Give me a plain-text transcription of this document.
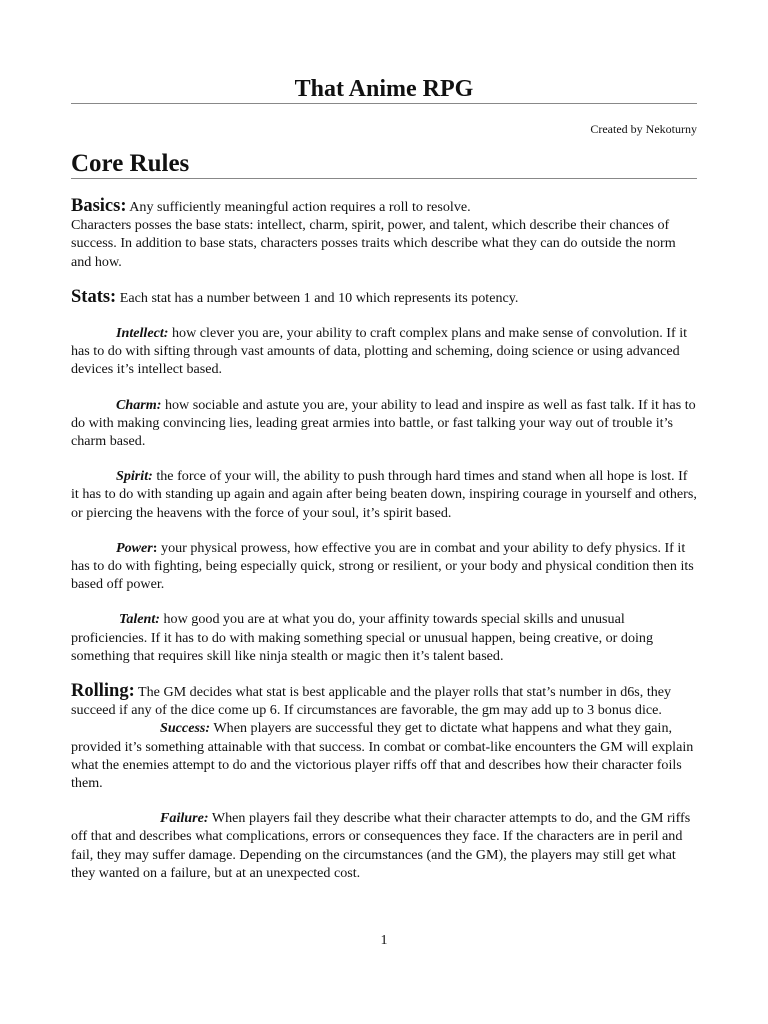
That Anime RPG
Created by Nekoturny
Core Rules

Basics: Any sufficiently meaningful action requires a roll to resolve.

Characters posses the base stats: intellect, charm, spirit, power, and talent, which describe their chances of success. In addition to base stats, characters posses traits which describe what they can do outside the norm and how.

Stats: Each stat has a number between 1 and 10 which represents its potency.

Intellect: how clever you are, your ability to craft complex plans and make sense of convolution. If it has to do with sifting through vast amounts of data, plotting and scheming, doing science or using advanced devices it’s intellect based.

Charm: how sociable and astute you are, your ability to lead and inspire as well as fast talk. If it has to do with making convincing lies, leading great armies into battle, or fast talking your way out of trouble it’s charm based.

Spirit: the force of your will, the ability to push through hard times and stand when all hope is lost. If it has to do with standing up again and again after being beaten down, inspiring courage in yourself and others, or piercing the heavens with the force of your soul, it’s spirit based.

Power: your physical prowess, how effective you are in combat and your ability to defy physics. If it has to do with fighting, being especially quick, strong or resilient, or your body and physical condition then its based off power.

Talent: how good you are at what you do, your affinity towards special skills and unusual proficiencies. If it has to do with making something special or unusual happen, being creative, or doing something that requires skill like ninja stealth or magic then it’s talent based.

Rolling: The GM decides what stat is best applicable and the player rolls that stat’s number in d6s, they succeed if any of the dice come up 6. If circumstances are favorable, the gm may add up to 3 bonus dice.

Success: When players are successful they get to dictate what happens and what they gain, provided it’s something attainable with that success. In combat or combat-like encounters the GM will explain what the enemies attempt to do and the victorious player riffs off that and describes how their character foils them.

Failure: When players fail they describe what their character attempts to do, and the GM riffs off that and describes what complications, errors or consequences they face. If the characters are in peril and fail, they may suffer damage. Depending on the circumstances (and the GM), the players may still get what they wanted on a failure, but at an unexpected cost.

1
